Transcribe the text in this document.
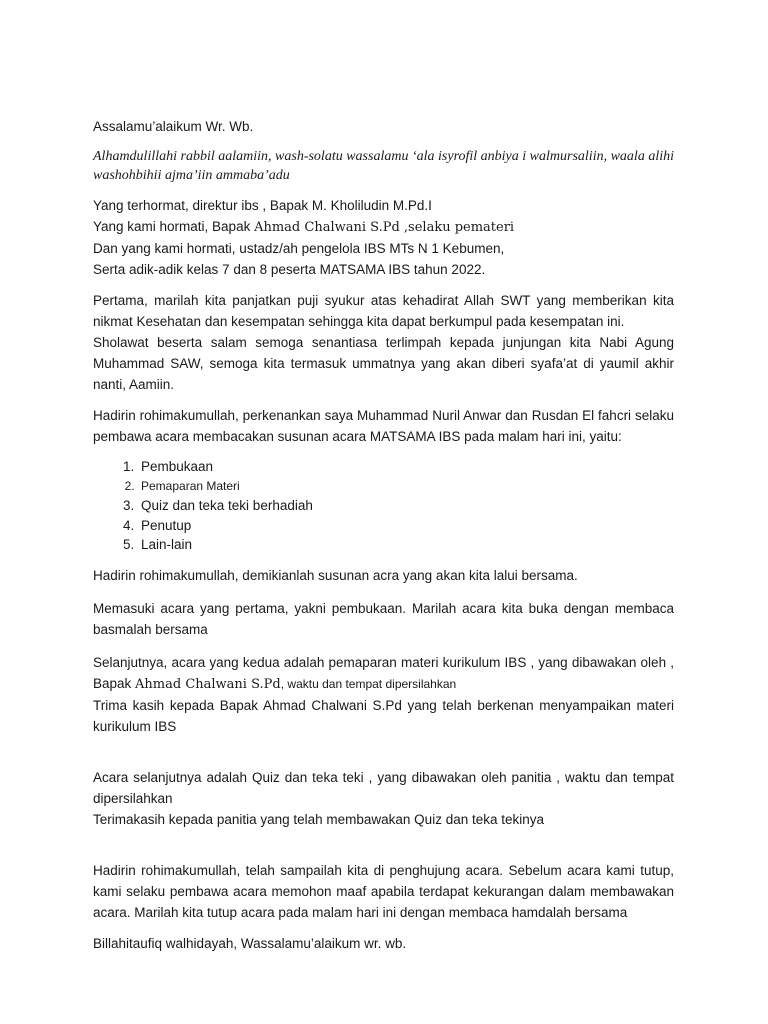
Assalamu’alaikum Wr. Wb.

Alhamdulillahi rabbil aalamiin, wash-solatu wassalamu ‘ala isyrofil anbiya i walmursaliin, waala alihi washohbihii ajma’iin ammaba’adu

Yang terhormat, direktur ibs , Bapak M. Kholiludin M.Pd.I

Yang kami hormati, Bapak Ahmad Chalwani S.Pd ,selaku pemateri

Dan yang kami hormati, ustadz/ah pengelola IBS MTs N 1 Kebumen,

Serta adik-adik kelas 7 dan 8 peserta MATSAMA IBS tahun 2022.

Pertama, marilah kita panjatkan puji syukur atas kehadirat Allah SWT yang memberikan kita nikmat Kesehatan dan kesempatan sehingga kita dapat berkumpul pada kesempatan ini.

Sholawat beserta salam semoga senantiasa terlimpah kepada junjungan kita Nabi Agung Muhammad SAW, semoga kita termasuk ummatnya yang akan diberi syafa’at di yaumil akhir nanti, Aamiin.

Hadirin rohimakumullah, perkenankan saya Muhammad Nuril Anwar dan Rusdan El fahcri selaku pembawa acara membacakan susunan acara MATSAMA IBS pada malam hari ini, yaitu:

1. Pembukaan
2. Pemaparan Materi
3. Quiz dan teka teki berhadiah
4. Penutup
5. Lain-lain

Hadirin rohimakumullah, demikianlah susunan acra yang akan kita lalui bersama.

Memasuki acara yang pertama, yakni pembukaan. Marilah acara kita buka dengan membaca basmalah bersama

Selanjutnya, acara yang kedua adalah pemaparan materi kurikulum IBS , yang dibawakan oleh , Bapak Ahmad Chalwani S.Pd, waktu dan tempat dipersilahkan

Trima kasih kepada Bapak Ahmad Chalwani S.Pd yang telah berkenan menyampaikan materi kurikulum IBS

Acara selanjutnya adalah Quiz dan teka teki , yang dibawakan oleh panitia , waktu dan tempat dipersilahkan

Terimakasih kepada panitia yang telah membawakan Quiz dan teka tekinya

Hadirin rohimakumullah, telah sampailah kita di penghujung acara. Sebelum acara kami tutup, kami selaku pembawa acara memohon maaf apabila terdapat kekurangan dalam membawakan acara. Marilah kita tutup acara pada malam hari ini dengan membaca hamdalah bersama

Billahitaufiq walhidayah, Wassalamu’alaikum wr. wb.
